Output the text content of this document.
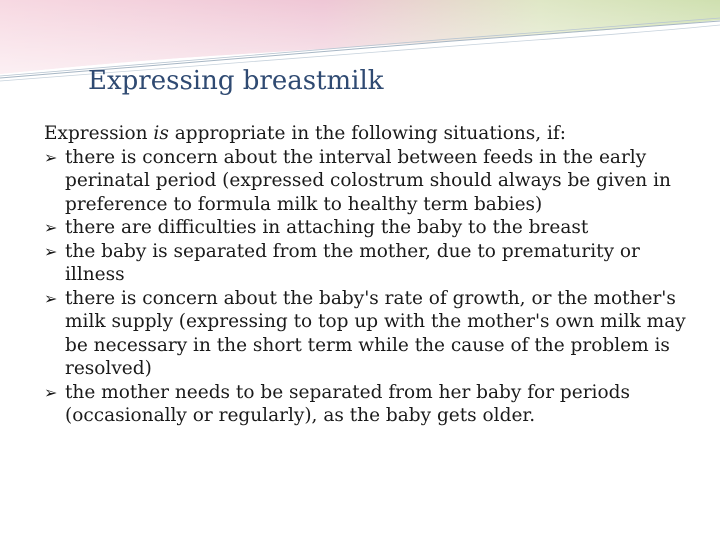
Expressing breastmilk

Expression is appropriate in the following situations, if:

➢ there is concern about the interval between feeds in the early perinatal period (expressed colostrum should always be given in preference to formula milk to healthy term babies)
➢ there are difficulties in attaching the baby to the breast
➢ the baby is separated from the mother, due to prematurity or illness
➢ there is concern about the baby's rate of growth, or the mother's milk supply (expressing to top up with the mother's own milk may be necessary in the short term while the cause of the problem is resolved)
➢ the mother needs to be separated from her baby for periods (occasionally or regularly), as the baby gets older.
